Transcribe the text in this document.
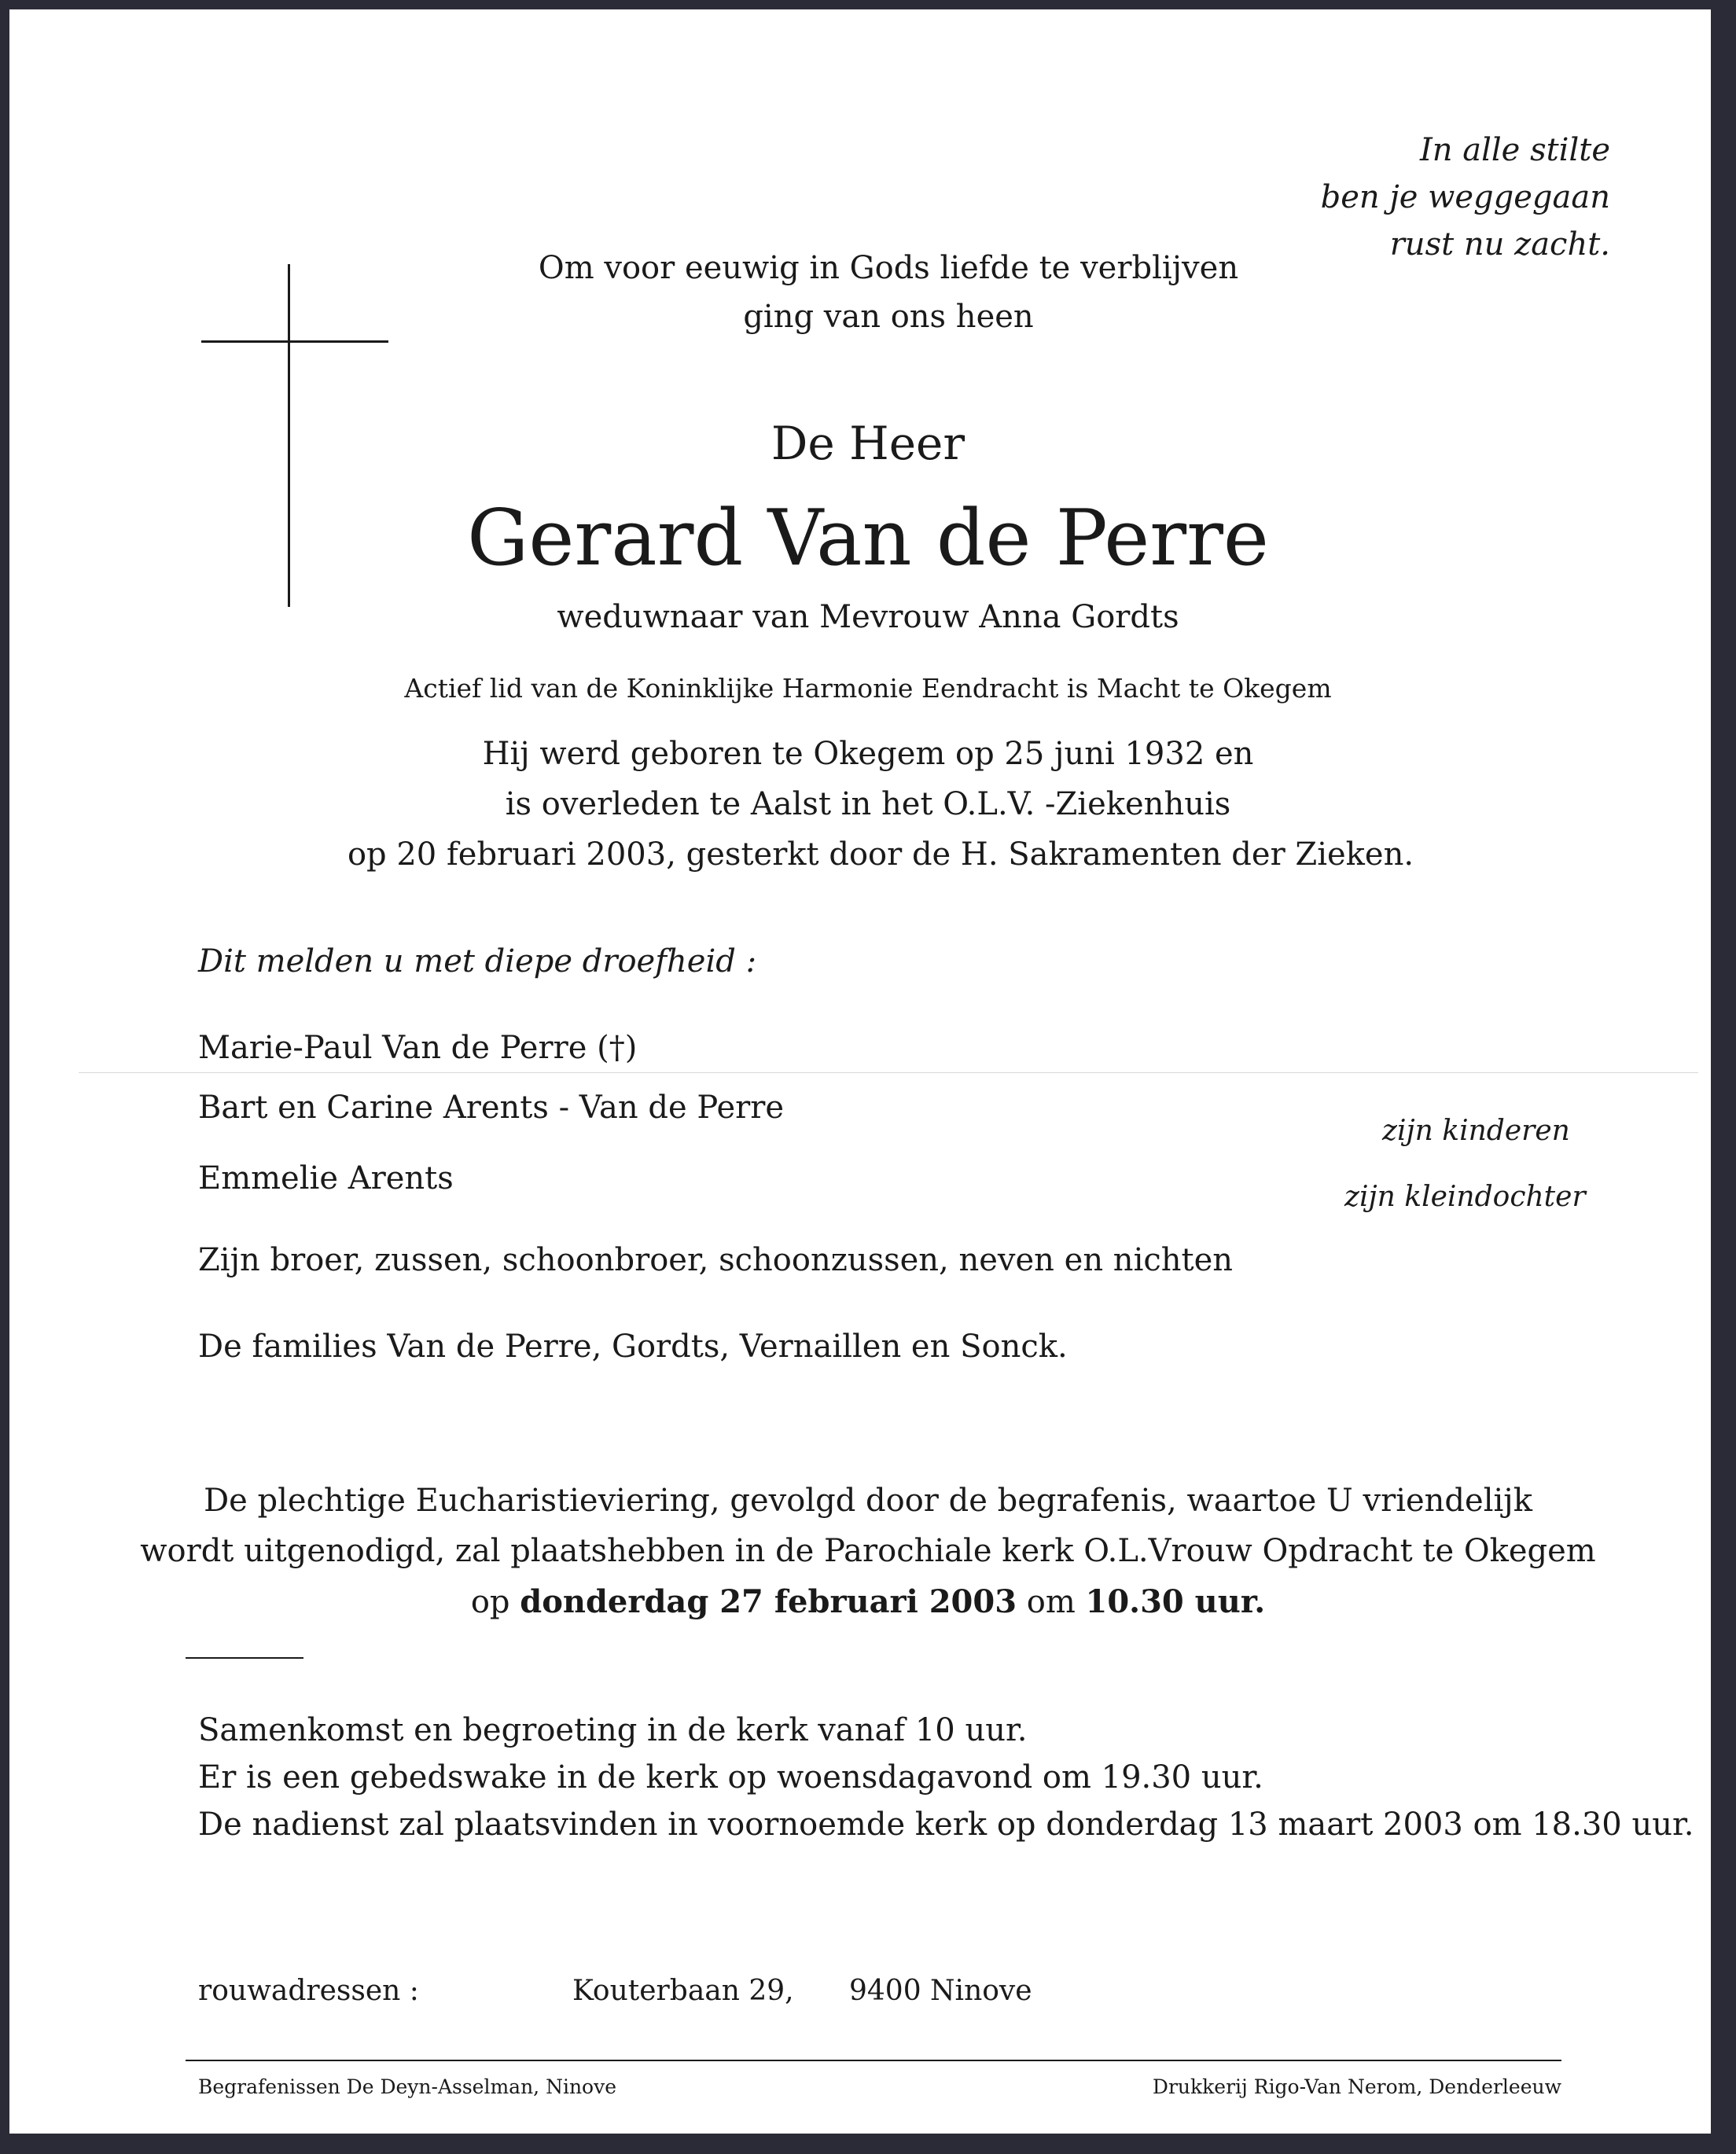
In alle stilte

ben je weggegaan

rust nu zacht.

Om voor eeuwig in Gods liefde te verblijven

ging van ons heen

De Heer

Gerard Van de Perre

weduwnaar van Mevrouw Anna Gordts

Actief lid van de Koninklijke Harmonie Eendracht is Macht te Okegem

Hij werd geboren te Okegem op 25 juni 1932 en

is overleden te Aalst in het O.L.V. -Ziekenhuis

op 20 februari 2003, gesterkt door de H. Sakramenten der Zieken.

Dit melden u met diepe droefheid :

Marie-Paul Van de Perre (†)

Bart en Carine Arents - Van de Perre

Emmelie Arents

Zijn broer, zussen, schoonbroer, schoonzussen, neven en nichten

De families Van de Perre, Gordts, Vernaillen en Sonck.

zijn kinderen

zijn kleindochter

De plechtige Eucharistieviering, gevolgd door de begrafenis, waartoe U vriendelijk

wordt uitgenodigd, zal plaatshebben in de Parochiale kerk O.L.Vrouw Opdracht te Okegem

op donderdag 27 februari 2003 om 10.30 uur.

Samenkomst en begroeting in de kerk vanaf 10 uur.

Er is een gebedswake in de kerk op woensdagavond om 19.30 uur.

De nadienst zal plaatsvinden in voornoemde kerk op donderdag 13 maart 2003 om 18.30 uur.

rouwadressen :	Kouterbaan 29, 9400 Ninove

Begrafenissen De Deyn-Asselman, Ninove	Drukkerij Rigo-Van Nerom, Denderleeuw
